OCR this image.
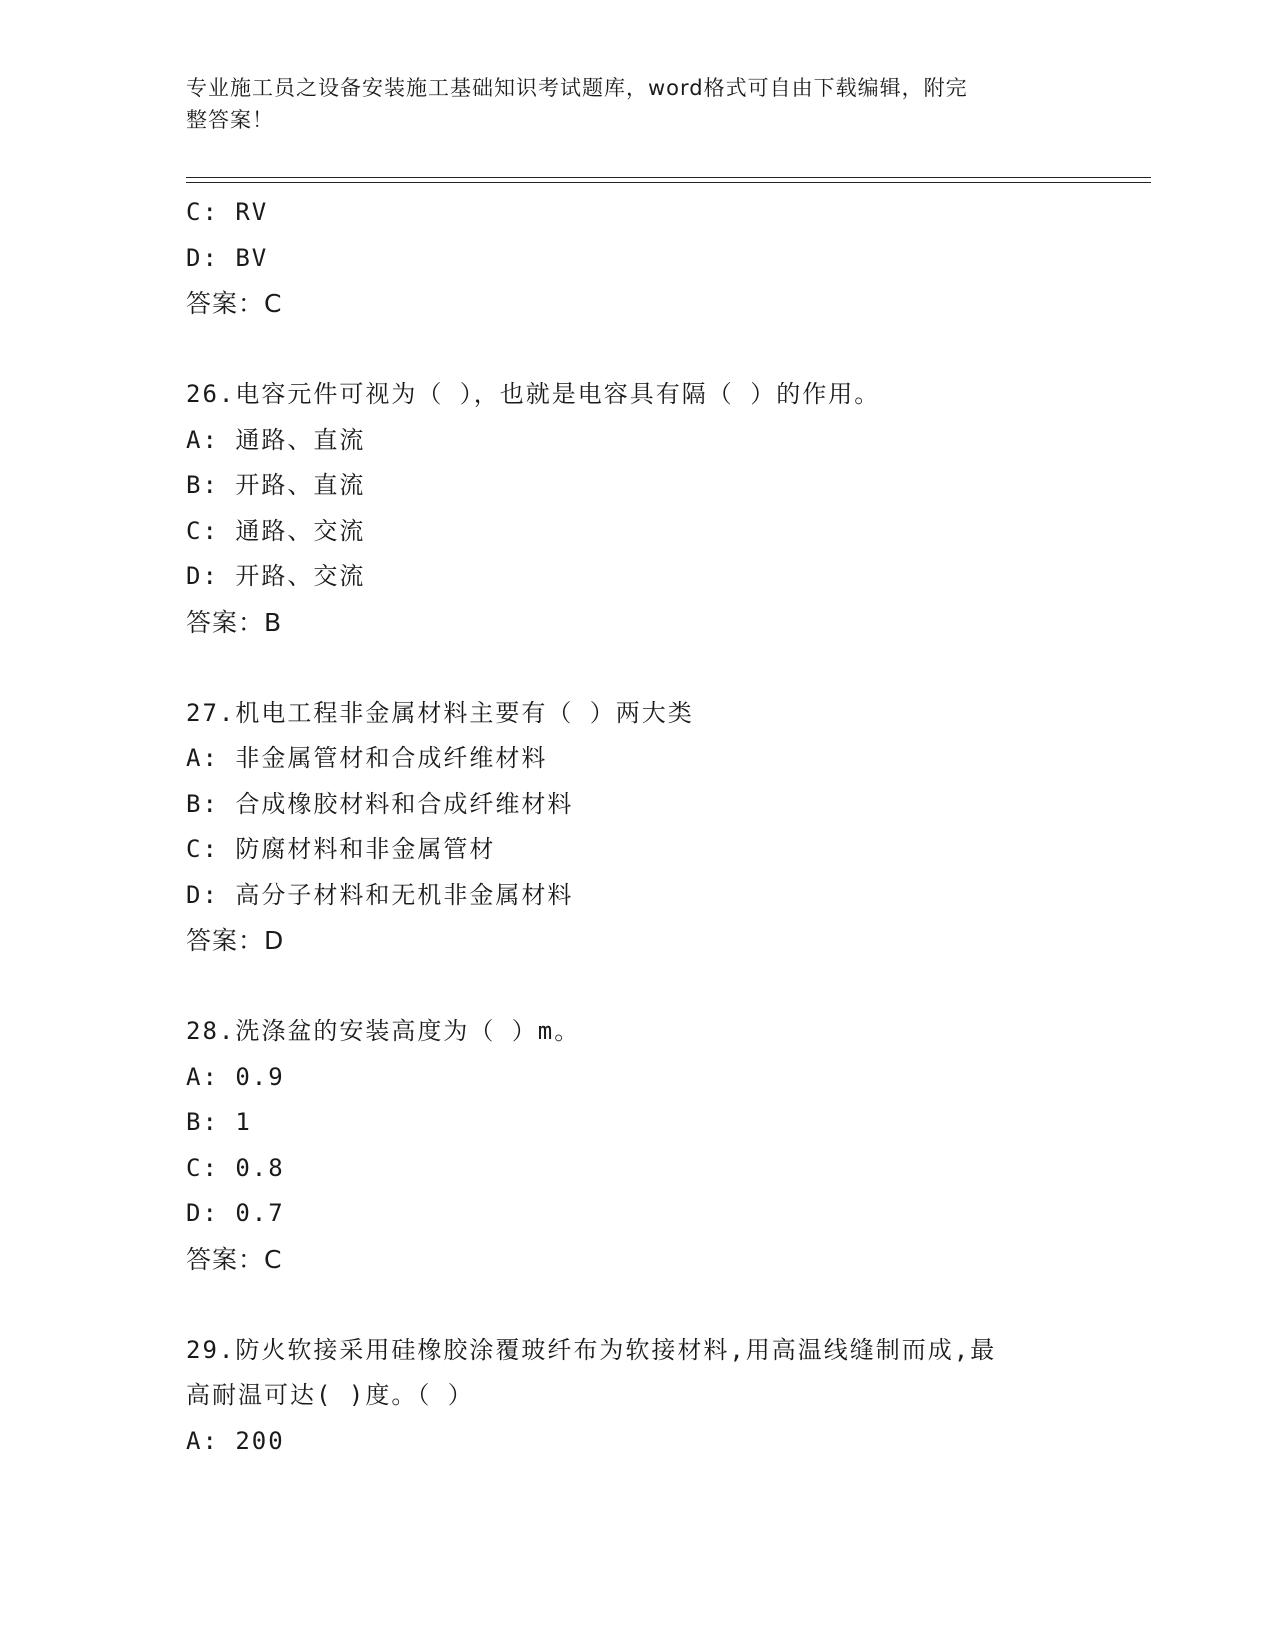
专业施工员之设备安装施工基础知识考试题库，word格式可自由下载编辑，附完
整答案！
C: RV
D: BV
答案：C
26.电容元件可视为（ ），也就是电容具有隔（ ）的作用。
A: 通路、直流
B: 开路、直流
C: 通路、交流
D: 开路、交流
答案：B
27.机电工程非金属材料主要有（ ）两大类
A: 非金属管材和合成纤维材料
B: 合成橡胶材料和合成纤维材料
C: 防腐材料和非金属管材
D: 高分子材料和无机非金属材料
答案：D
28.洗涤盆的安装高度为（ ）m。
A: 0.9
B: 1
C: 0.8
D: 0.7
答案：C
29.防火软接采用硅橡胶涂覆玻纤布为软接材料,用高温线缝制而成,最
高耐温可达( )度。（ ）
A: 200
